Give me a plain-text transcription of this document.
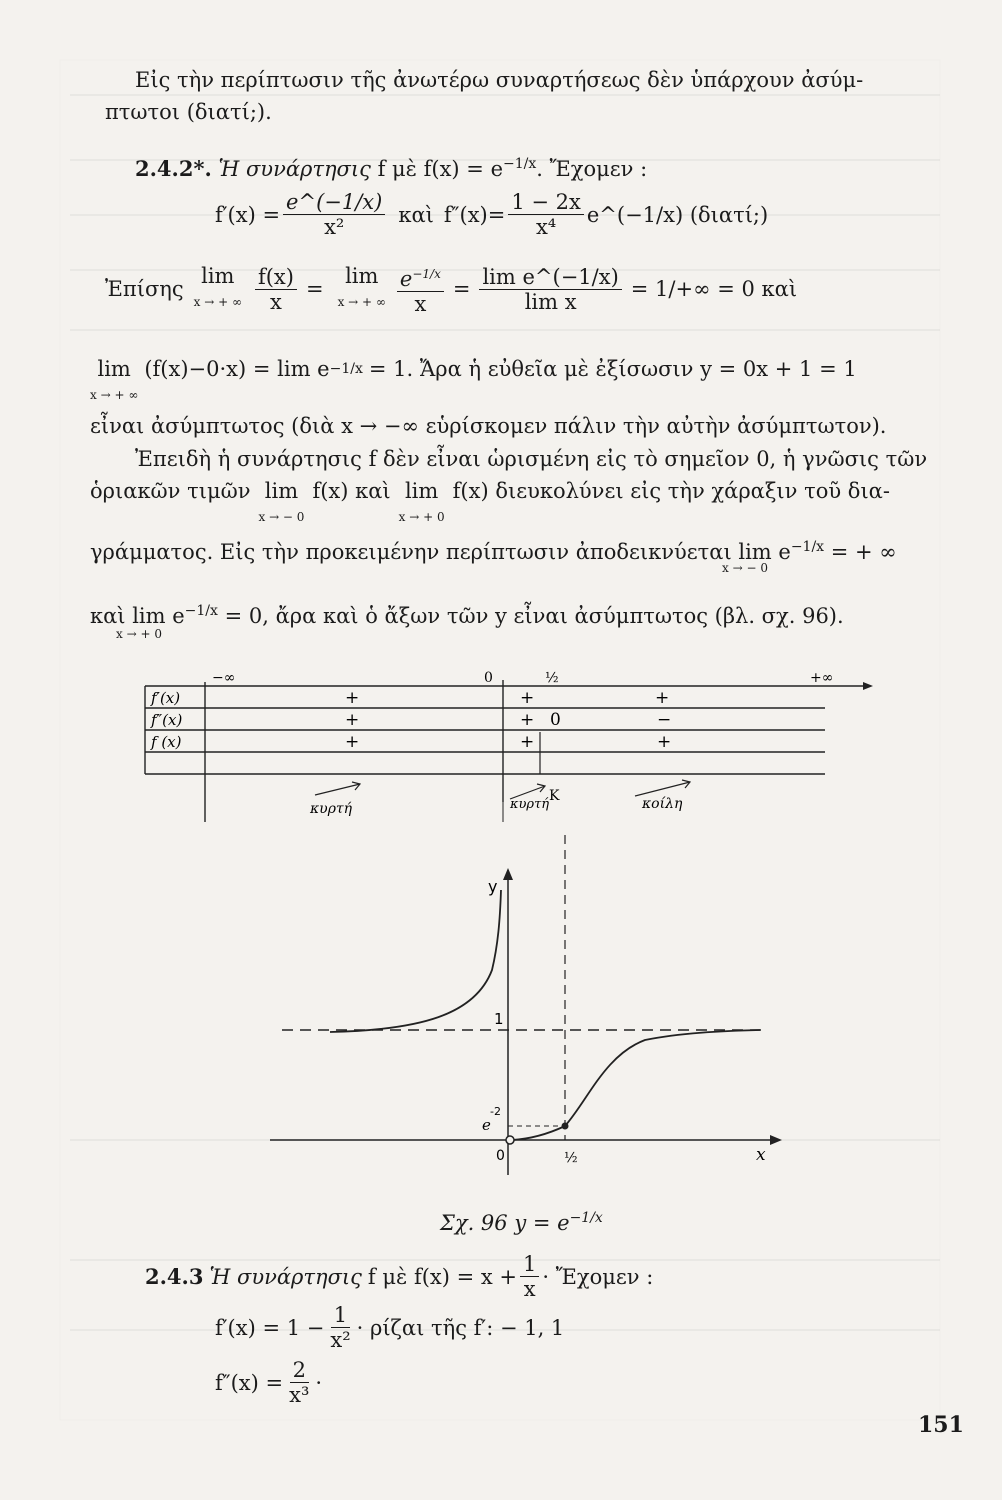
Εἰς τὴν περίπτωσιν τῆς ἀνωτέρω συναρτήσεως δὲν ὑπάρχουν ἀσύμ-
πτωτοι (διατί;).
2.4.2*. Ἡ συνάρτησις f μὲ $f(x) = e^{-1/x}$. Ἔχομεν :
$f'(x) = \frac{e\^{}(-1/x)}{\text{x²}}$ καὶ $f''(x)= \frac{1 - 2x}{\text{x⁴}}$ e^(−1/x) (διατί;)
Ἐπίσης
lim
x → + ∞ $\frac{f(x)}{x}$ =
lim
x → + ∞ $\frac{e^{-1/x}}{x} = \frac{\text{lim e\textasciicircum{}(−1/x)}}{\text{lim x}} = 1/+\infty = 0$ καὶ
lim
x → + ∞
(f(x)−0·x) = lim e −1/x = 1. Ἄρα ἡ εὐθεῖα μὲ ἐξίσωσιν y = 0x + 1 = 1
εἶναι ἀσύμπτωτος (διὰ x → −∞ εὑρίσκομεν πάλιν τὴν αὐτὴν ἀσύμπτωτον).
Ἐπειδὴ ἡ συνάρτησις f δὲν εἶναι ὡρισμένη εἰς τὸ σημεῖον 0, ἡ γνῶσις τῶν
ὁριακῶν τιμῶν lim
x → − 0
f(x) καὶ lim
x → + 0
f(x) διευκολύνει εἰς τὴν χάραξιν τοῦ δια-
γράμματος. Εἰς τὴν προκειμένην περίπτωσιν ἀποδεικνύεται $\lim e^{-1/x}$ = + ∞
x → − 0
καὶ $\lim e^{-1/x} = 0$, ἄρα καὶ ὁ ἄξων τῶν y εἶναι ἀσύμπτωτος (βλ. σχ. 96).
x → + 0
−∞	0	½	+∞
f′(x)	+	+	+
f″(x)	+	+ 0	−
f (x)	+	+	+
κυρτή	κυρτή
Κ	κοίλη
y
x
1
e
-2
0	½
Σχ. 96 $y = e^{-1/x}$
2.4.3 Ἡ συνάρτησις f μὲ $f(x) = x + \frac{1}{x}$ · Ἔχομεν :
$f'(x) = 1 - \frac{1}{\text{x²}} \cdot \rho ί\zeta\alpha\iota$ τῆς f′: − 1, 1
$f''(x) = \frac{2}{\text{x³}}$ ·
151
